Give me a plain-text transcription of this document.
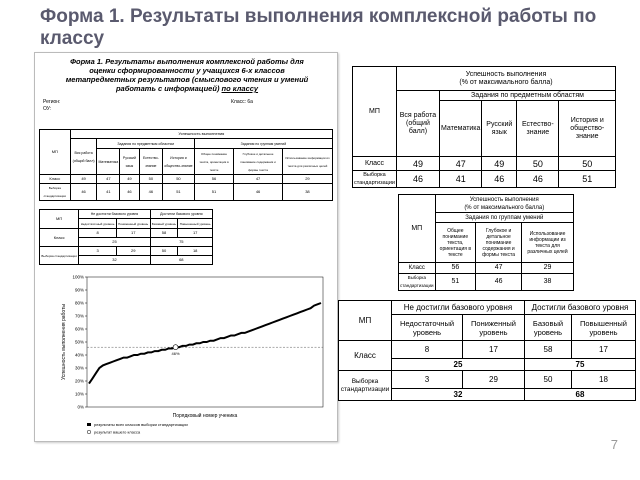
Форма 1. Результаты выполнения комплексной работы по классу
Форма 1. Результаты выполнения комплексной работы для
оценки сформированности у учащихся 6-х классов
метапредметных результатов (смыслового чтения и умений
работать с информацией) по классу
Регион:
ОУ:
Класс: 6а
МП	Успешность выполнения							
	Вся работа (общий балл)	Задания по предметным областям				Задания по группам умений		
		Математика	Русский язык	Естество-знание	История и общество-знание	Общее понимание текста, ориентация в тексте	Глубокое и детальное понимание содержания и формы текста	Использование информации из текста для различных целей
Класс	49	47	49	50	50	56	47	29
Выборка стандартизации	46	41	46	46	51	51	46	38
МП	Не достигли базового уровня		Достигли базового уровня	
	Недостаточный уровень	Пониженный уровень	Базовый уровень	Повышенный уровень
Класс	8	17	58	17
	25		75	
Выборка стандартизации	3	29	50	18
	32		68	
0%
10%
20%
30%
40%
50%
60%
70%
80%
90%
100%
46%
Порядковый номер ученика
Успешность выполнения работы
результаты всех классов выборки стандартизации
результат вашего класса
МП	Успешность выполнения
(% от максимального балла)				
	Вся работа (общий балл)	Задания по предметным областям			
		Математика	Русский язык	Естество-знание	История и общество-знание
Класс	49	47	49	50	50
Выборка стандартизации	46	41	46	46	51
МП	Успешность выполнения
(% от максимального балла)		
	Задания по группам умений		
	Общее понимание текста, ориентация в тексте	Глубокое и детальное понимание содержания и формы текста	Использование информации из текста для различных целей
Класс	56	47	29
Выборка стандартизации	51	46	38
МП	Не достигли базового уровня		Достигли базового уровня	
	Недостаточный уровень	Пониженный уровень	Базовый уровень	Повышенный уровень
Класс	8	17	58	17
	25		75	
Выборка стандартизации	3	29	50	18
	32		68	
7
